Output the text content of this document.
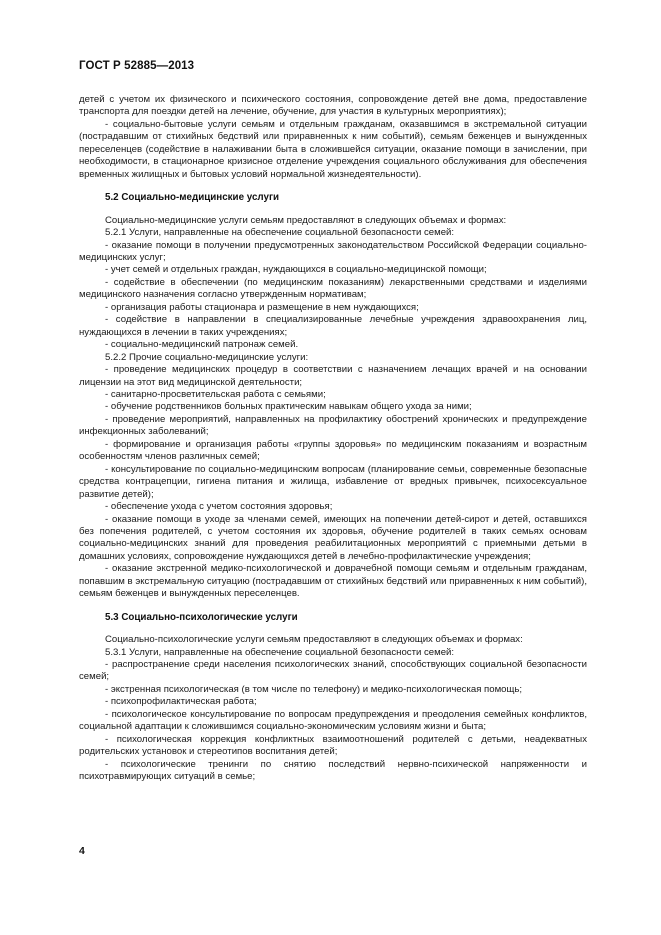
ГОСТ Р 52885—2013

детей с учетом их физического и психического состояния, сопровождение детей вне дома, предоставление транспорта для поездки детей на лечение, обучение, для участия в культурных мероприятиях);

- социально-бытовые услуги семьям и отдельным гражданам, оказавшимся в экстремальной ситуации (пострадавшим от стихийных бедствий или приравненных к ним событий), семьям беженцев и вынужденных переселенцев (содействие в налаживании быта в сложившейся ситуации, оказание помощи в зачислении, при необходимости, в стационарное кризисное отделение учреждения социального обслуживания для обеспечения временных жилищных и бытовых условий нормальной жизнедеятельности).

5.2 Социально-медицинские услуги

Социально-медицинские услуги семьям предоставляют в следующих объемах и формах:

5.2.1 Услуги, направленные на обеспечение социальной безопасности семей:

- оказание помощи в получении предусмотренных законодательством Российской Федерации социально-медицинских услуг;

- учет семей и отдельных граждан, нуждающихся в социально-медицинской помощи;

- содействие в обеспечении (по медицинским показаниям) лекарственными средствами и изделиями медицинского назначения согласно утвержденным нормативам;

- организация работы стационара и размещение в нем нуждающихся;

- содействие в направлении в специализированные лечебные учреждения здравоохранения лиц, нуждающихся в лечении в таких учреждениях;

- социально-медицинский патронаж семей.

5.2.2 Прочие социально-медицинские услуги:

- проведение медицинских процедур в соответствии с назначением лечащих врачей и на основании лицензии на этот вид медицинской деятельности;

- санитарно-просветительская работа с семьями;

- обучение родственников больных практическим навыкам общего ухода за ними;

- проведение мероприятий, направленных на профилактику обострений хронических и предупреждение инфекционных заболеваний;

- формирование и организация работы «группы здоровья» по медицинским показаниям и возрастным особенностям членов различных семей;

- консультирование по социально-медицинским вопросам (планирование семьи, современные безопасные средства контрацепции, гигиена питания и жилища, избавление от вредных привычек, психосексуальное развитие детей);

- обеспечение ухода с учетом состояния здоровья;

- оказание помощи в уходе за членами семей, имеющих на попечении детей-сирот и детей, оставшихся без попечения родителей, с учетом состояния их здоровья, обучение родителей в таких семьях основам социально-медицинских знаний для проведения реабилитационных мероприятий с приемными детьми в домашних условиях, сопровождение нуждающихся детей в лечебно-профилактические учреждения;

- оказание экстренной медико-психологической и доврачебной помощи семьям и отдельным гражданам, попавшим в экстремальную ситуацию (пострадавшим от стихийных бедствий или приравненных к ним событий), семьям беженцев и вынужденных переселенцев.

5.3 Социально-психологические услуги

Социально-психологические услуги семьям предоставляют в следующих объемах и формах:

5.3.1 Услуги, направленные на обеспечение социальной безопасности семей:

- распространение среди населения психологических знаний, способствующих социальной безопасности семей;

- экстренная психологическая (в том числе по телефону) и медико-психологическая помощь;

- психопрофилактическая работа;

- психологическое консультирование по вопросам предупреждения и преодоления семейных конфликтов, социальной адаптации к сложившимся социально-экономическим условиям жизни и быта;

- психологическая коррекция конфликтных взаимоотношений родителей с детьми, неадекватных родительских установок и стереотипов воспитания детей;

- психологические тренинги по снятию последствий нервно-психической напряженности и психотравмирующих ситуаций в семье;

4
